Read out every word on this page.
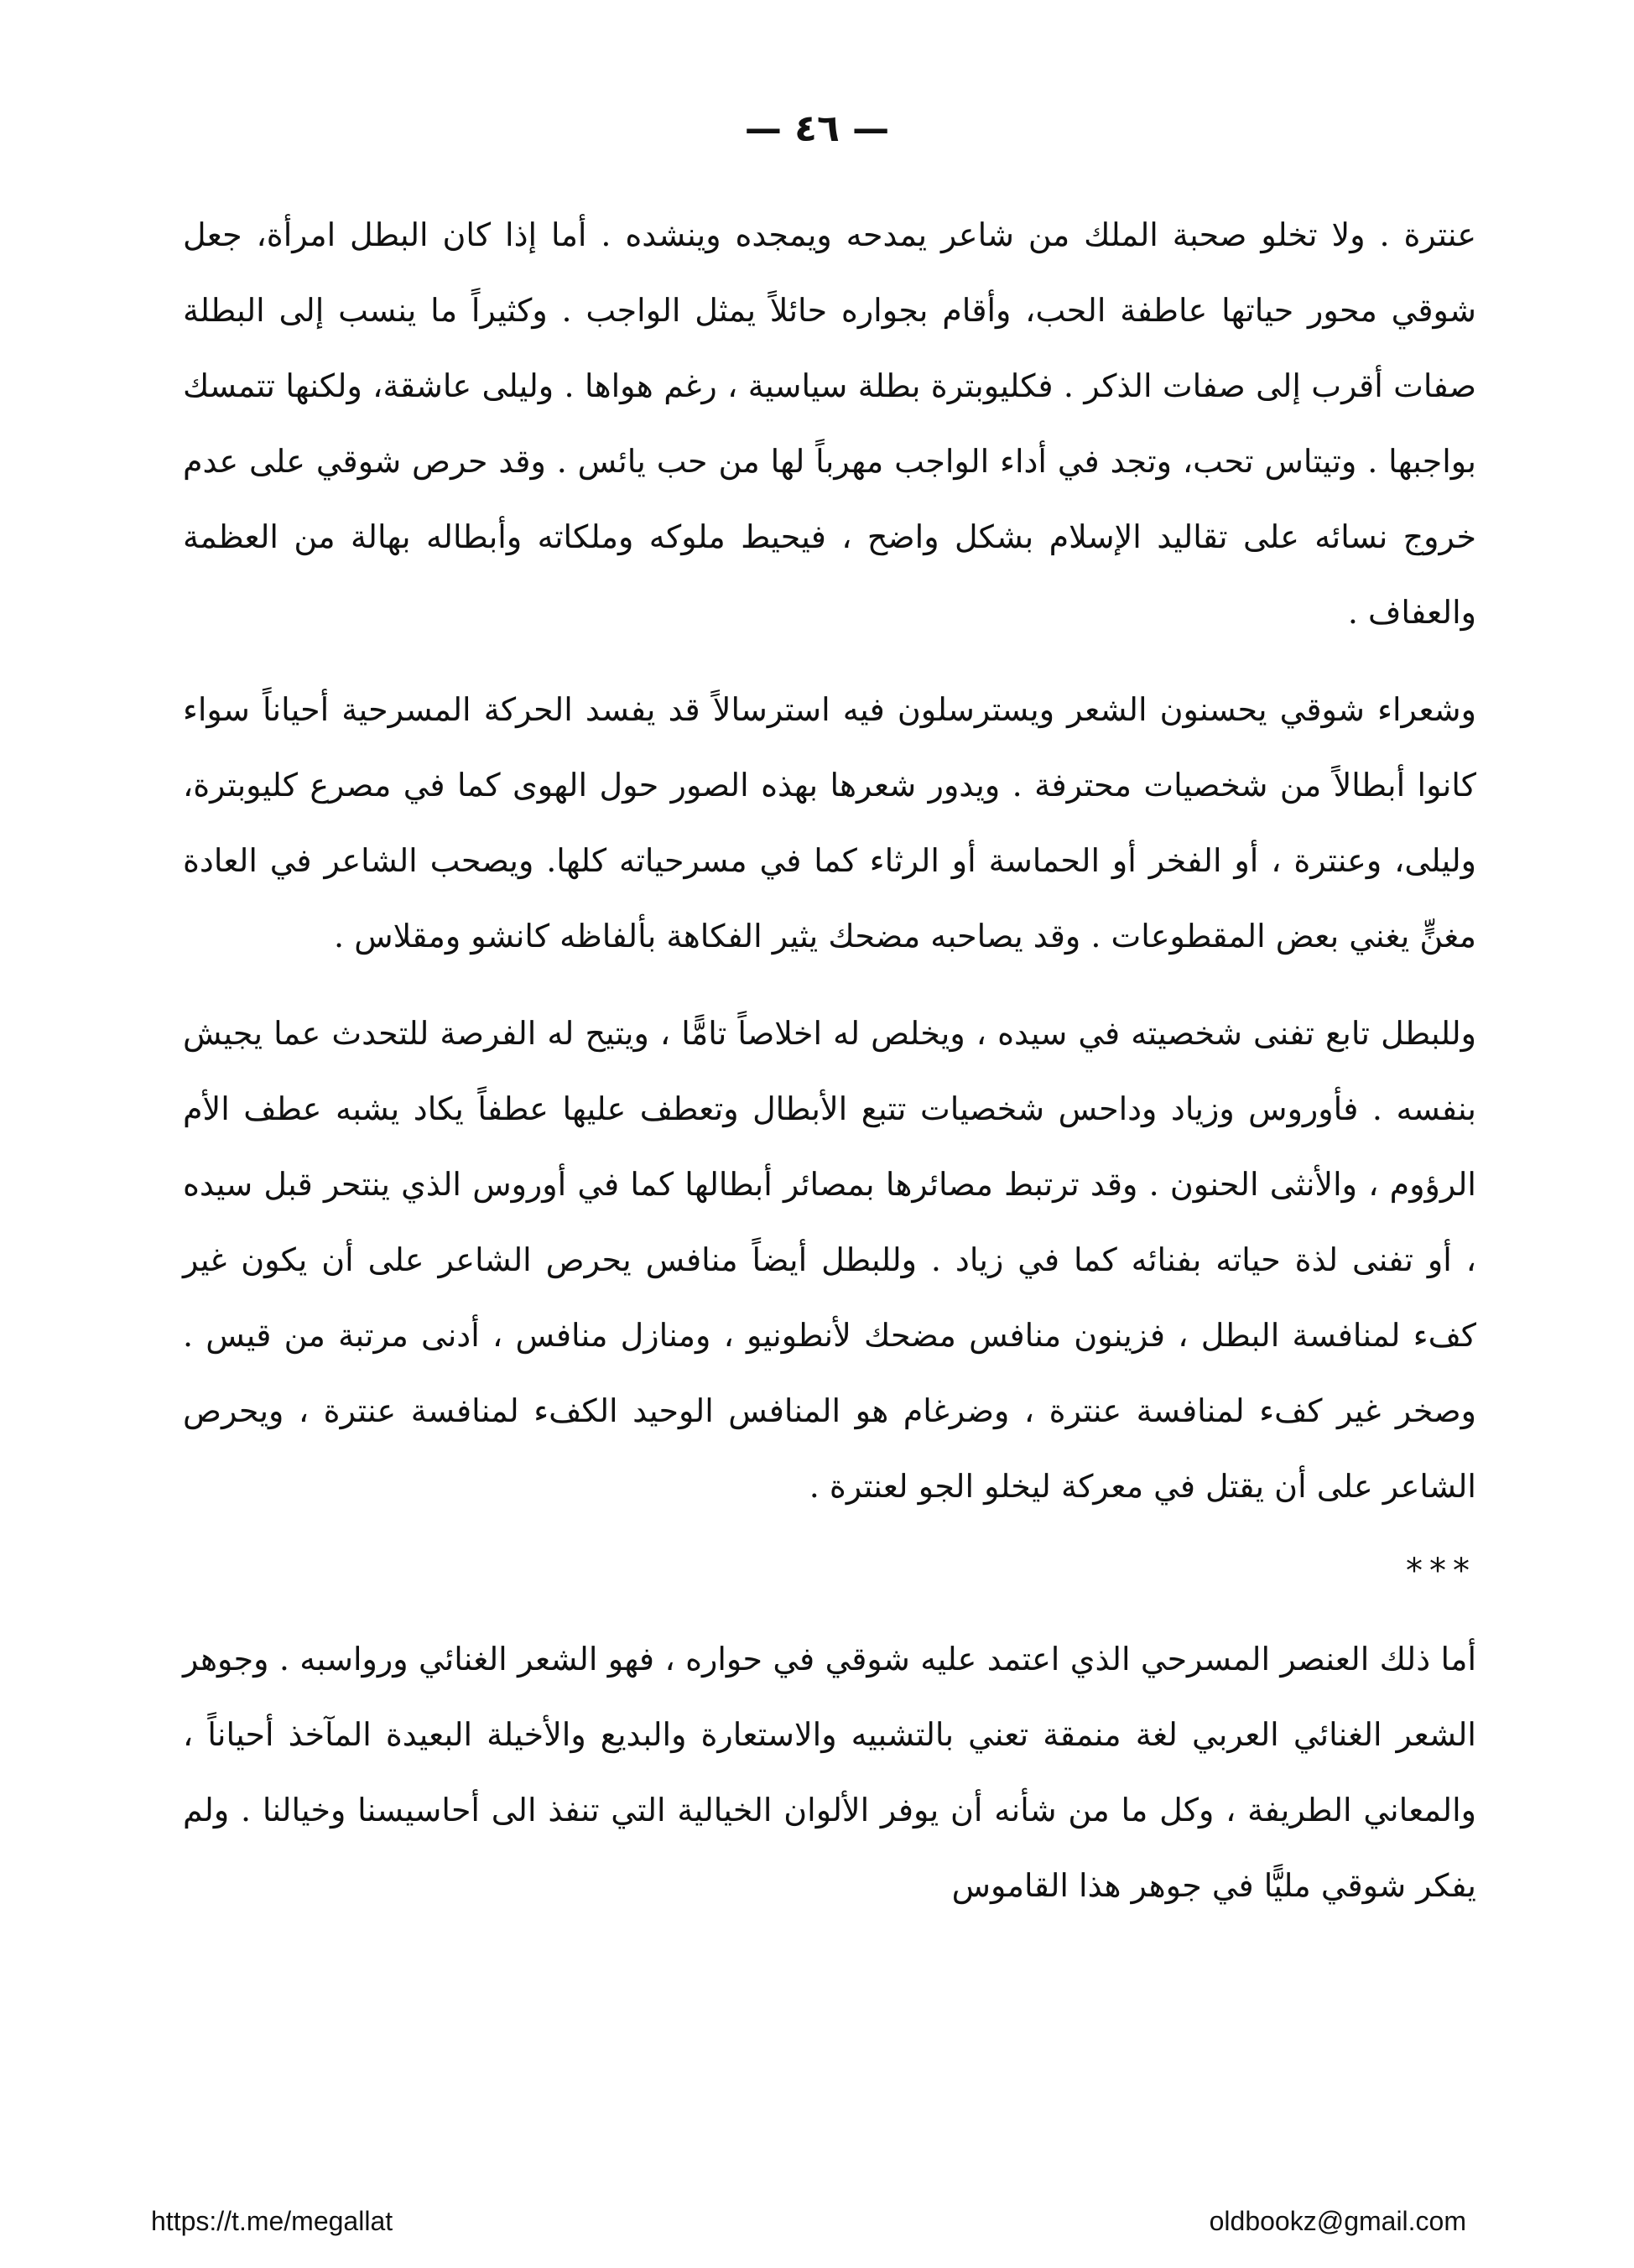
— ٤٦ —

عنترة . ولا تخلو صحبة الملك من شاعر يمدحه ويمجده وينشده . أما إذا كان البطل امرأة، جعل شوقي محور حياتها عاطفة الحب، وأقام بجواره حائلاً يمثل الواجب . وكثيراً ما ينسب إلى البطلة صفات أقرب إلى صفات الذكر . فكليوبترة بطلة سياسية ، رغم هواها . وليلى عاشقة، ولكنها تتمسك بواجبها . وتيتاس تحب، وتجد في أداء الواجب مهرباً لها من حب يائس . وقد حرص شوقي على عدم خروج نسائه على تقاليد الإسلام بشكل واضح ، فيحيط ملوكه وملكاته وأبطاله بهالة من العظمة والعفاف .

وشعراء شوقي يحسنون الشعر ويسترسلون فيه استرسالاً قد يفسد الحركة المسرحية أحياناً سواء كانوا أبطالاً من شخصيات محترفة . ويدور شعرها بهذه الصور حول الهوى كما في مصرع كليوبترة، وليلى، وعنترة ، أو الفخر أو الحماسة أو الرثاء كما في مسرحياته كلها. ويصحب الشاعر في العادة مغنٍّ يغني بعض المقطوعات . وقد يصاحبه مضحك يثير الفكاهة بألفاظه كانشو ومقلاس .

وللبطل تابع تفنى شخصيته في سيده ، ويخلص له اخلاصاً تامًّا ، ويتيح له الفرصة للتحدث عما يجيش بنفسه . فأوروس وزياد وداحس شخصيات تتبع الأبطال وتعطف عليها عطفاً يكاد يشبه عطف الأم الرؤوم ، والأنثى الحنون . وقد ترتبط مصائرها بمصائر أبطالها كما في أوروس الذي ينتحر قبل سيده ، أو تفنى لذة حياته بفنائه كما في زياد . وللبطل أيضاً منافس يحرص الشاعر على أن يكون غير كفء لمنافسة البطل ، فزينون منافس مضحك لأنطونيو ، ومنازل منافس ، أدنى مرتبة من قيس . وصخر غير كفء لمنافسة عنترة ، وضرغام هو المنافس الوحيد الكفء لمنافسة عنترة ، ويحرص الشاعر على أن يقتل في معركة ليخلو الجو لعنترة .

***

أما ذلك العنصر المسرحي الذي اعتمد عليه شوقي في حواره ، فهو الشعر الغنائي ورواسبه . وجوهر الشعر الغنائي العربي لغة منمقة تعني بالتشبيه والاستعارة والبديع والأخيلة البعيدة المآخذ أحياناً ، والمعاني الطريفة ، وكل ما من شأنه أن يوفر الألوان الخيالية التي تنفذ الى أحاسيسنا وخيالنا . ولم يفكر شوقي مليًّا في جوهر هذا القاموس

https://t.me/megallat	oldbookz@gmail.com
